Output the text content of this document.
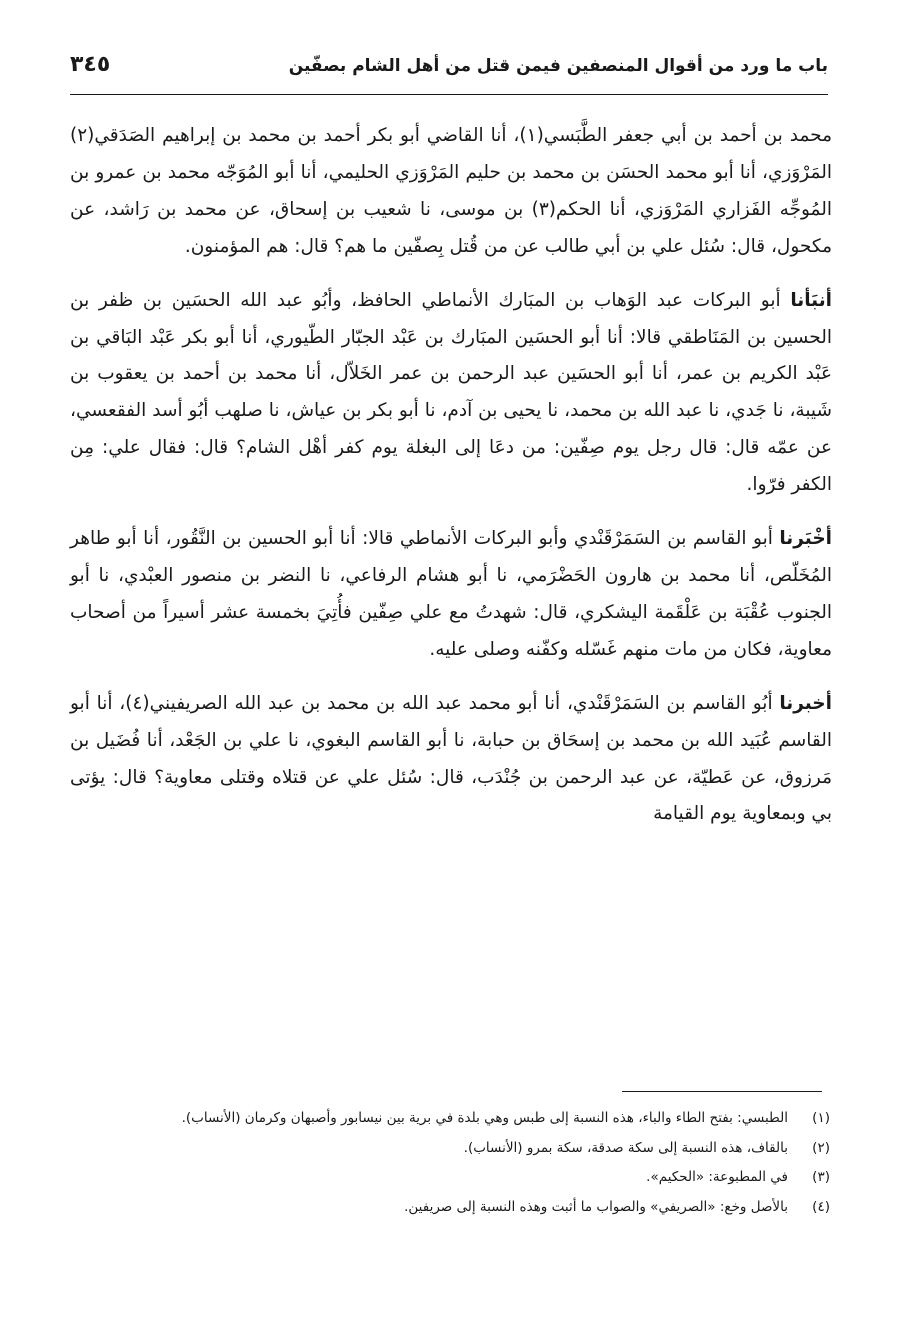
باب ما ورد من أقوال المنصفين فيمن قتل من أهل الشام بصفّين
٣٤٥

محمد بن أحمد بن أبي جعفر الطَّبَسي(١)، أنا القاضي أبو بكر أحمد بن محمد بن إبراهيم الصَدَقي(٢) المَرْوَزي، أنا أبو محمد الحسَن بن محمد بن حليم المَرْوَزي الحليمي، أنا أبو المُوَجّه محمد بن عمرو بن المُوجِّه الفَزاري المَرْوَزي، أنا الحكم(٣) بن موسى، نا شعيب بن إسحاق، عن محمد بن رَاشد، عن مكحول، قال: سُئل علي بن أبي طالب عن من قُتل بِصفّين ما هم؟ قال: هم المؤمنون.

أنبَأنا أبو البركات عبد الوَهاب بن المبَارك الأنماطي الحافظ، وأبُو عبد الله الحسَين بن ظفر بن الحسين بن المَنَاطقي قالا: أنا أبو الحسَين المبَارك بن عَبْد الجبّار الطّيوري، أنا أبو بكر عَبْد البَاقي بن عَبْد الكريم بن عمر، أنا أبو الحسَين عبد الرحمن بن عمر الخَلاّل، أنا محمد بن أحمد بن يعقوب بن شَيبة، نا جَدي، نا عبد الله بن محمد، نا يحيى بن آدم، نا أبو بكر بن عياش، نا صلهب أبُو أسد الفقعسي، عن عمّه قال: قال رجل يوم صِفّين: من دعَا إلى البغلة يوم كفر أهْل الشام؟ قال: فقال علي: مِن الكفر فرّوا.

أخْبَرنا أبو القاسم بن السَمَرْقَنْدي وأبو البركات الأنماطي قالا: أنا أبو الحسين بن النَّقُور، أنا أبو طاهر المُخَلّص، أنا محمد بن هارون الحَضْرَمي، نا أبو هشام الرفاعي، نا النضر بن منصور العبْدي، نا أبو الجنوب عُقْبَة بن عَلْقَمة اليشكري، قال: شهدتُ مع علي صِفّين فأُتِيَ بخمسة عشر أسيراً من أصحاب معاوية، فكان من مات منهم غَسّله وكفّنه وصلى عليه.

أخبرنا أبُو القاسم بن السَمَرْقَنْدي، أنا أبو محمد عبد الله بن محمد بن عبد الله الصريفيني(٤)، أنا أبو القاسم عُبَيد الله بن محمد بن إسحَاق بن حبابة، نا أبو القاسم البغوي، نا علي بن الجَعْد، أنا فُضَيل بن مَرزوق، عن عَطيّة، عن عبد الرحمن بن جُنْدَب، قال: سُئل علي عن قتلاه وقتلى معاوية؟ قال: يؤتى بي وبمعاوية يوم القيامة

(١)
الطبسي: بفتح الطاء والباء، هذه النسبة إلى طبس وهي بلدة في برية بين نيسابور وأصبهان وكرمان (الأنساب).
(٢)
بالقاف، هذه النسبة إلى سكة صدقة، سكة بمرو (الأنساب).
(٣)
في المطبوعة: «الحكيم».
(٤)
بالأصل وخع: «الصريفي» والصواب ما أثبت وهذه النسبة إلى صريفين.
